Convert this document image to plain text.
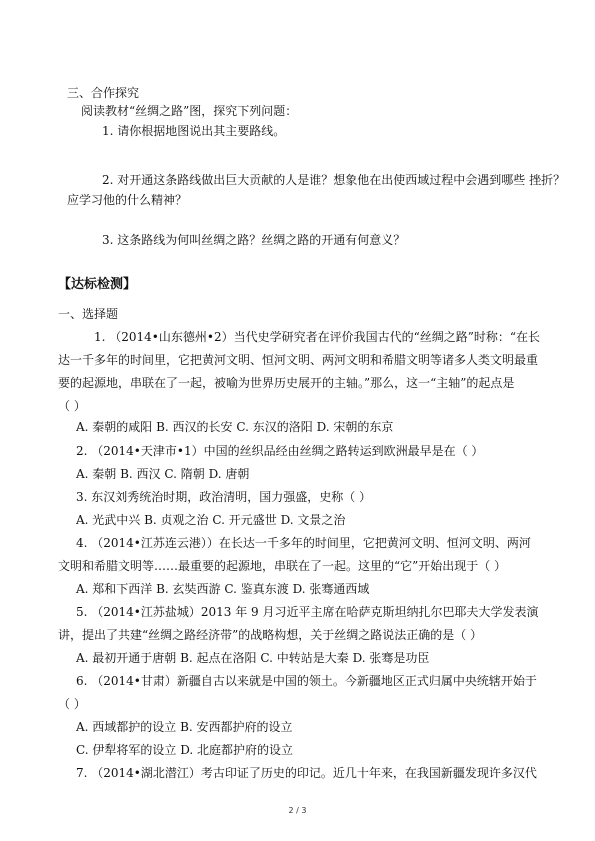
三、合作探究
阅读教材“丝绸之路”图，探究下列问题：
1. 请你根据地图说出其主要路线。
2. 对开通这条路线做出巨大贡献的人是谁？想象他在出使西域过程中会遇到哪些 挫折？
应学习他的什么精神？
3. 这条路线为何叫丝绸之路？丝绸之路的开通有何意义？
【达标检测】
一、选择题
1. （2014•山东德州•2）当代史学研究者在评价我国古代的“丝绸之路”时称：“在长
达一千多年的时间里，它把黄河文明、恒河文明、两河文明和希腊文明等诸多人类文明最重
要的起源地，串联在了一起，被喻为世界历史展开的主轴。”那么，这一“主轴”的起点是
（ ）
A. 秦朝的咸阳 B. 西汉的长安 C. 东汉的洛阳 D. 宋朝的东京
2. （2014•天津市•1）中国的丝织品经由丝绸之路转运到欧洲最早是在（ ）
A. 秦朝 B. 西汉 C. 隋朝 D. 唐朝
3. 东汉刘秀统治时期，政治清明，国力强盛，史称（ ）
A. 光武中兴 B. 贞观之治 C. 开元盛世 D. 文景之治
4. （2014•江苏连云港））在长达一千多年的时间里，它把黄河文明、恒河文明、两河
文明和希腊文明等……最重要的起源地，串联在了一起。这里的“它”开始出现于（ ）
A. 郑和下西洋 B. 玄奘西游 C. 鉴真东渡 D. 张骞通西域
5. （2014•江苏盐城）2013 年 9 月习近平主席在哈萨克斯坦纳扎尔巴耶夫大学发表演
讲，提出了共建“丝绸之路经济带”的战略构想，关于丝绸之路说法正确的是（ ）
A. 最初开通于唐朝 B. 起点在洛阳 C. 中转站是大秦 D. 张骞是功臣
6. （2014•甘肃）新疆自古以来就是中国的领土。今新疆地区正式归属中央统辖开始于
（ ）
A. 西域都护的设立 B. 安西都护府的设立
C. 伊犁将军的设立 D. 北庭都护府的设立
7. （2014•湖北潜江）考古印证了历史的印记。近几十年来，在我国新疆发现许多汉代
2 / 3
